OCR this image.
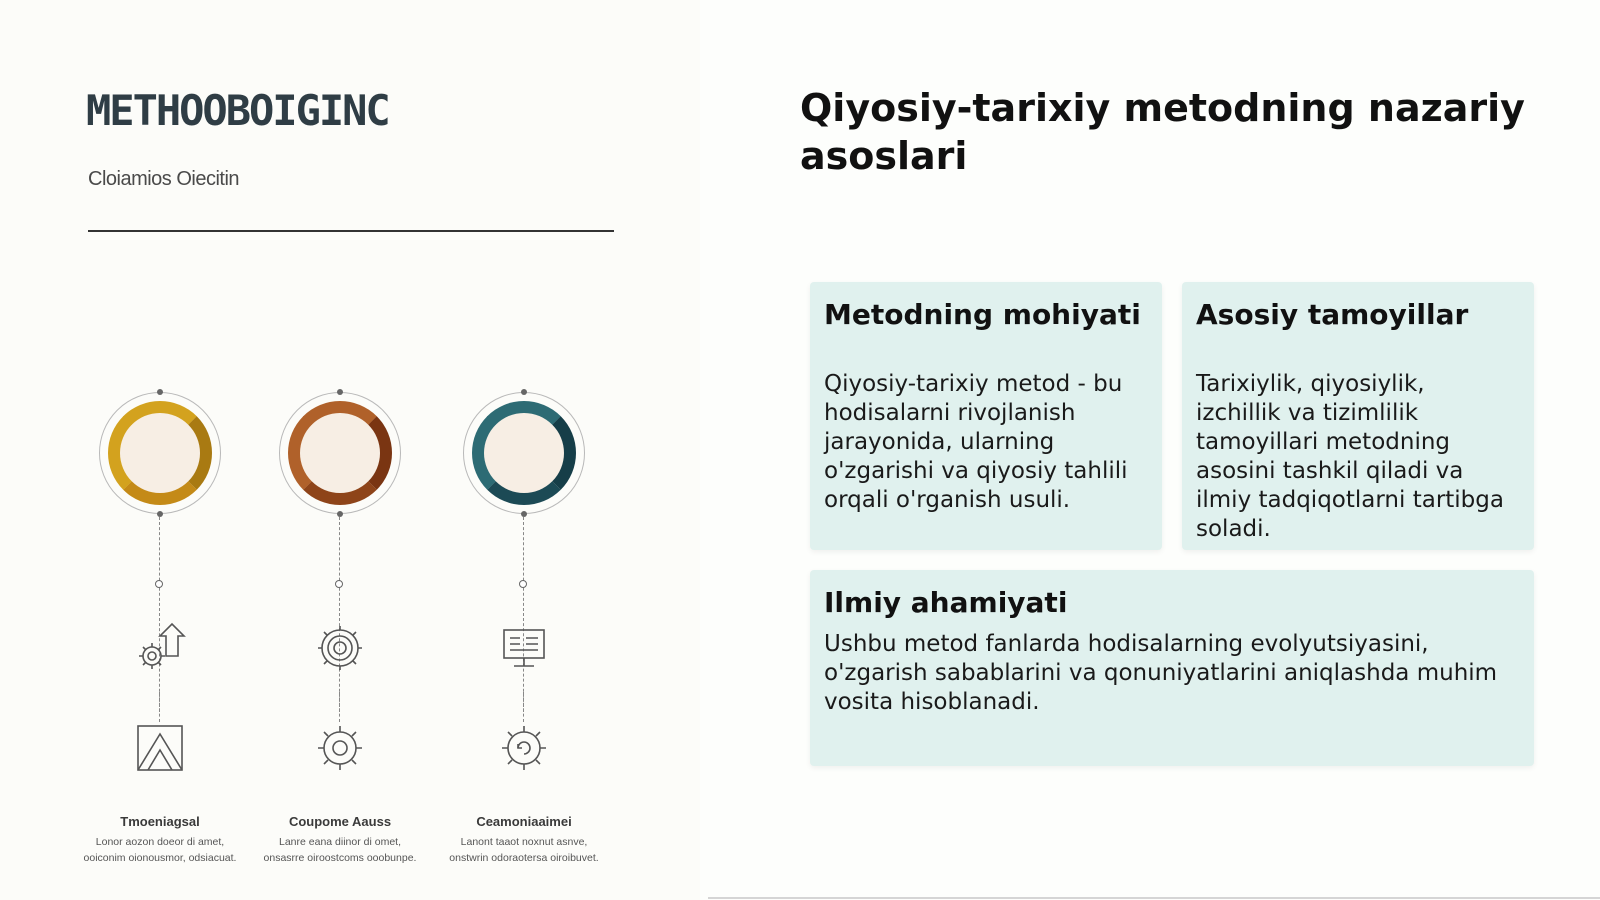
METHOOBOIGINC
Cloiamios Oiecitin
Tmoeniagsal
Lonor aozon doeor di amet, ooiconim oionousmor, odsiacuat.
Coupome Aauss
Lanre eana diinor di omet, onsasrre oiroostcoms ooobunpe.
Ceamoniaaimei
Lanont taaot noxnut asnve, onstwrin odoraotersa oiroibuvet.
Qiyosiy-tarixiy metodning nazariy asoslari
Metodning mohiyati

Qiyosiy-tarixiy metod - bu hodisalarni rivojlanish jarayonida, ularning o'zgarishi va qiyosiy tahlili orqali o'rganish usuli.

Asosiy tamoyillar

Tarixiylik, qiyosiylik, izchillik va tizimlilik tamoyillari metodning asosini tashkil qiladi va ilmiy tadqiqotlarni tartibga soladi.

Ilmiy ahamiyati

Ushbu metod fanlarda hodisalarning evolyutsiyasini, o'zgarish sabablarini va qonuniyatlarini aniqlashda muhim vosita hisoblanadi.
